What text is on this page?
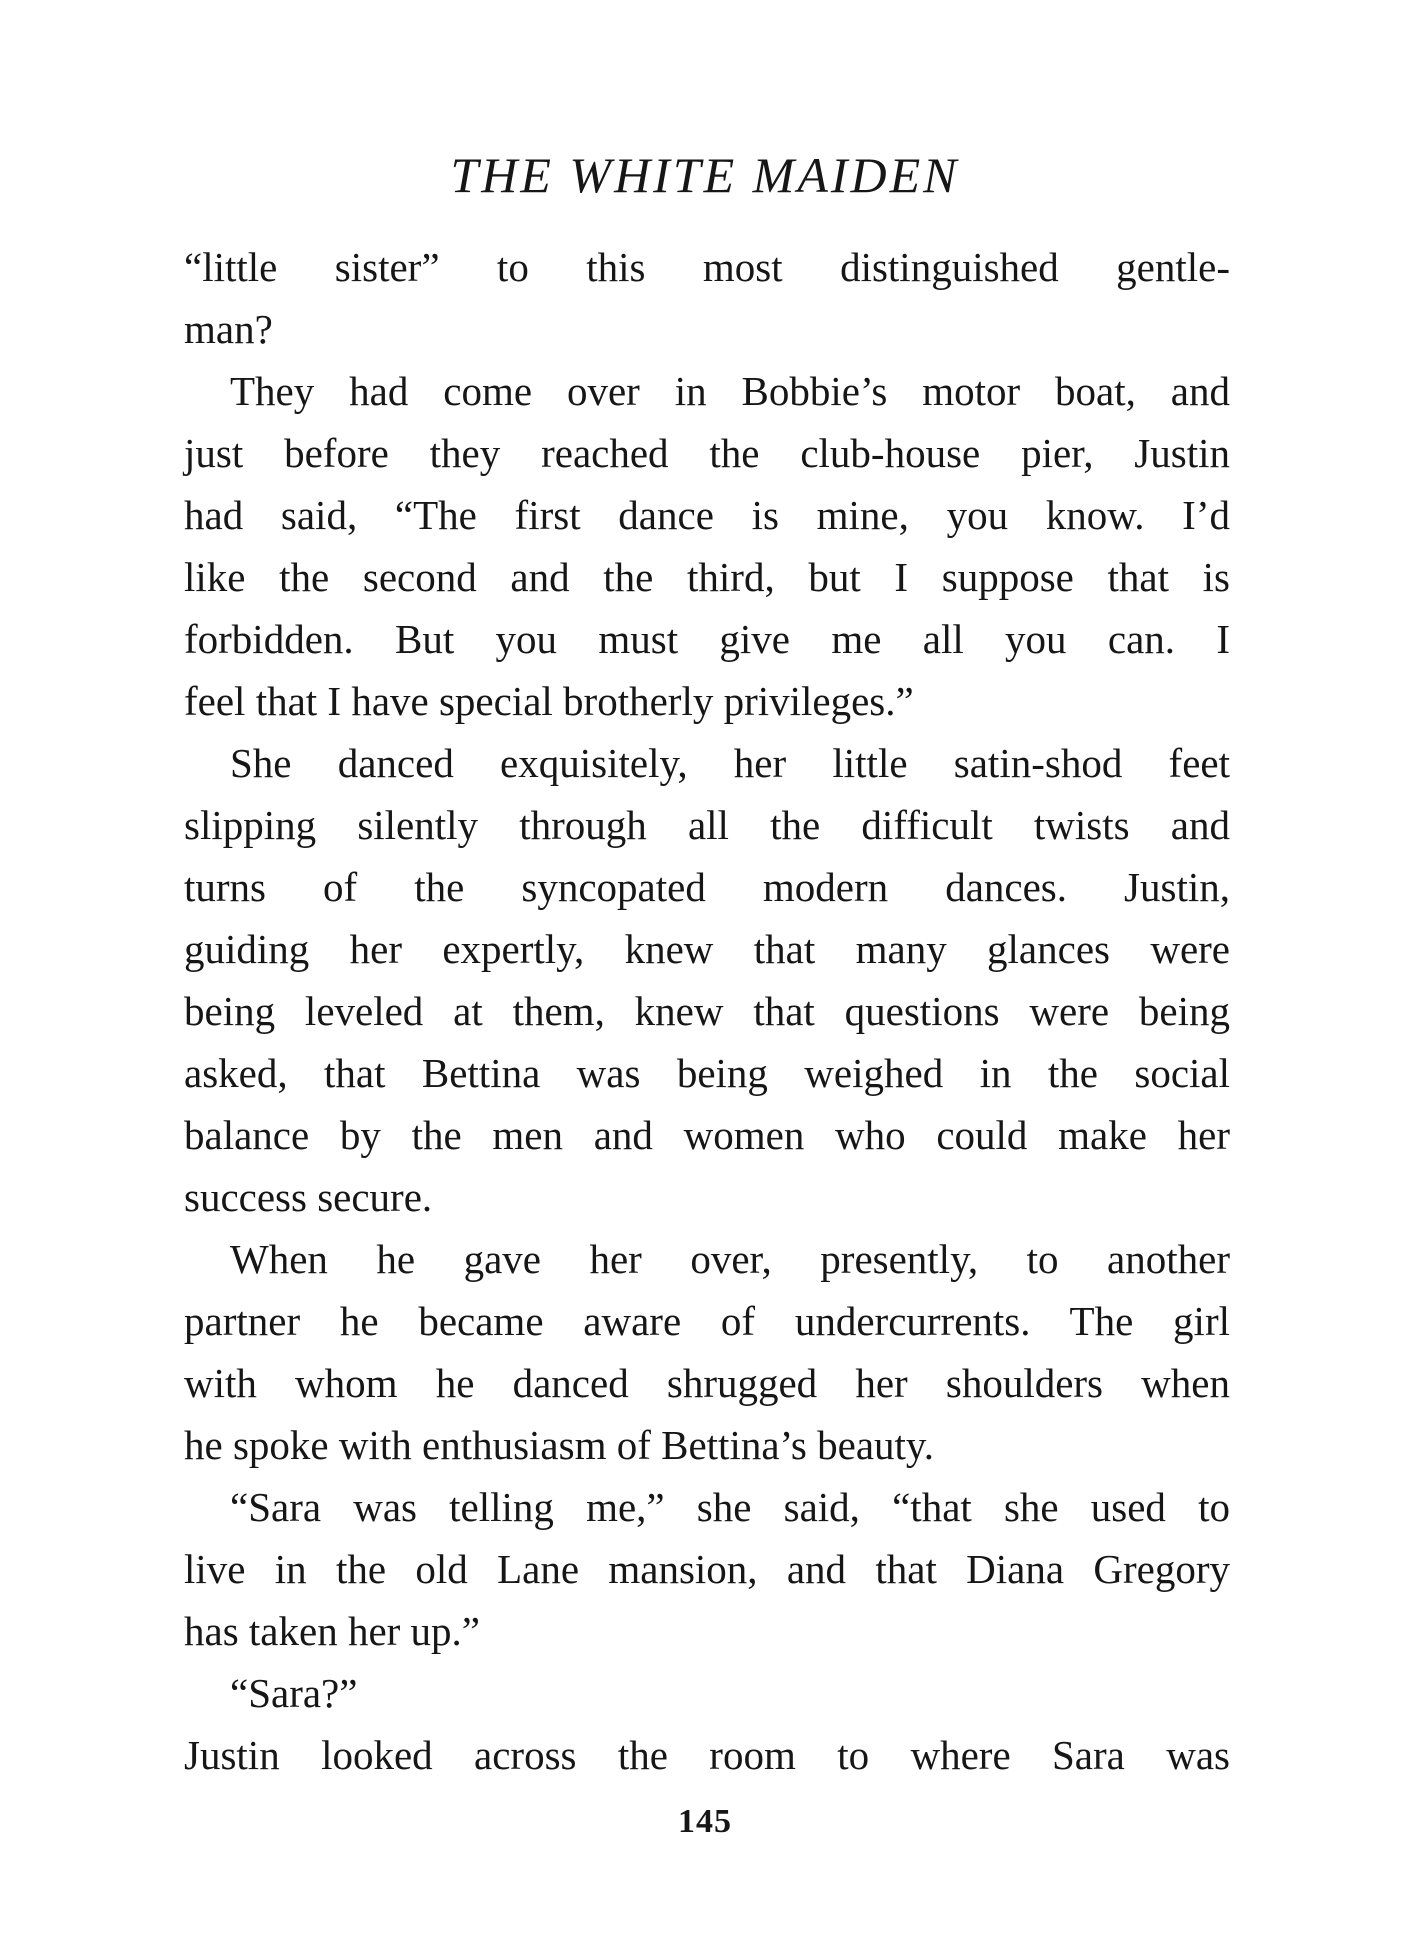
THE WHITE MAIDEN
“little sister” to this most distinguished gentle-
man?
They had come over in Bobbie’s motor boat, and
just before they reached the club-house pier, Justin
had said, “The first dance is mine, you know. I’d
like the second and the third, but I suppose that is
forbidden. But you must give me all you can. I
feel that I have special brotherly privileges.”
She danced exquisitely, her little satin-shod feet
slipping silently through all the difficult twists and
turns of the syncopated modern dances. Justin,
guiding her expertly, knew that many glances were
being leveled at them, knew that questions were being
asked, that Bettina was being weighed in the social
balance by the men and women who could make her
success secure.
When he gave her over, presently, to another
partner he became aware of undercurrents. The girl
with whom he danced shrugged her shoulders when
he spoke with enthusiasm of Bettina’s beauty.
“Sara was telling me,” she said, “that she used to
live in the old Lane mansion, and that Diana Gregory
has taken her up.”
“Sara?”
Justin looked across the room to where Sara was
145
